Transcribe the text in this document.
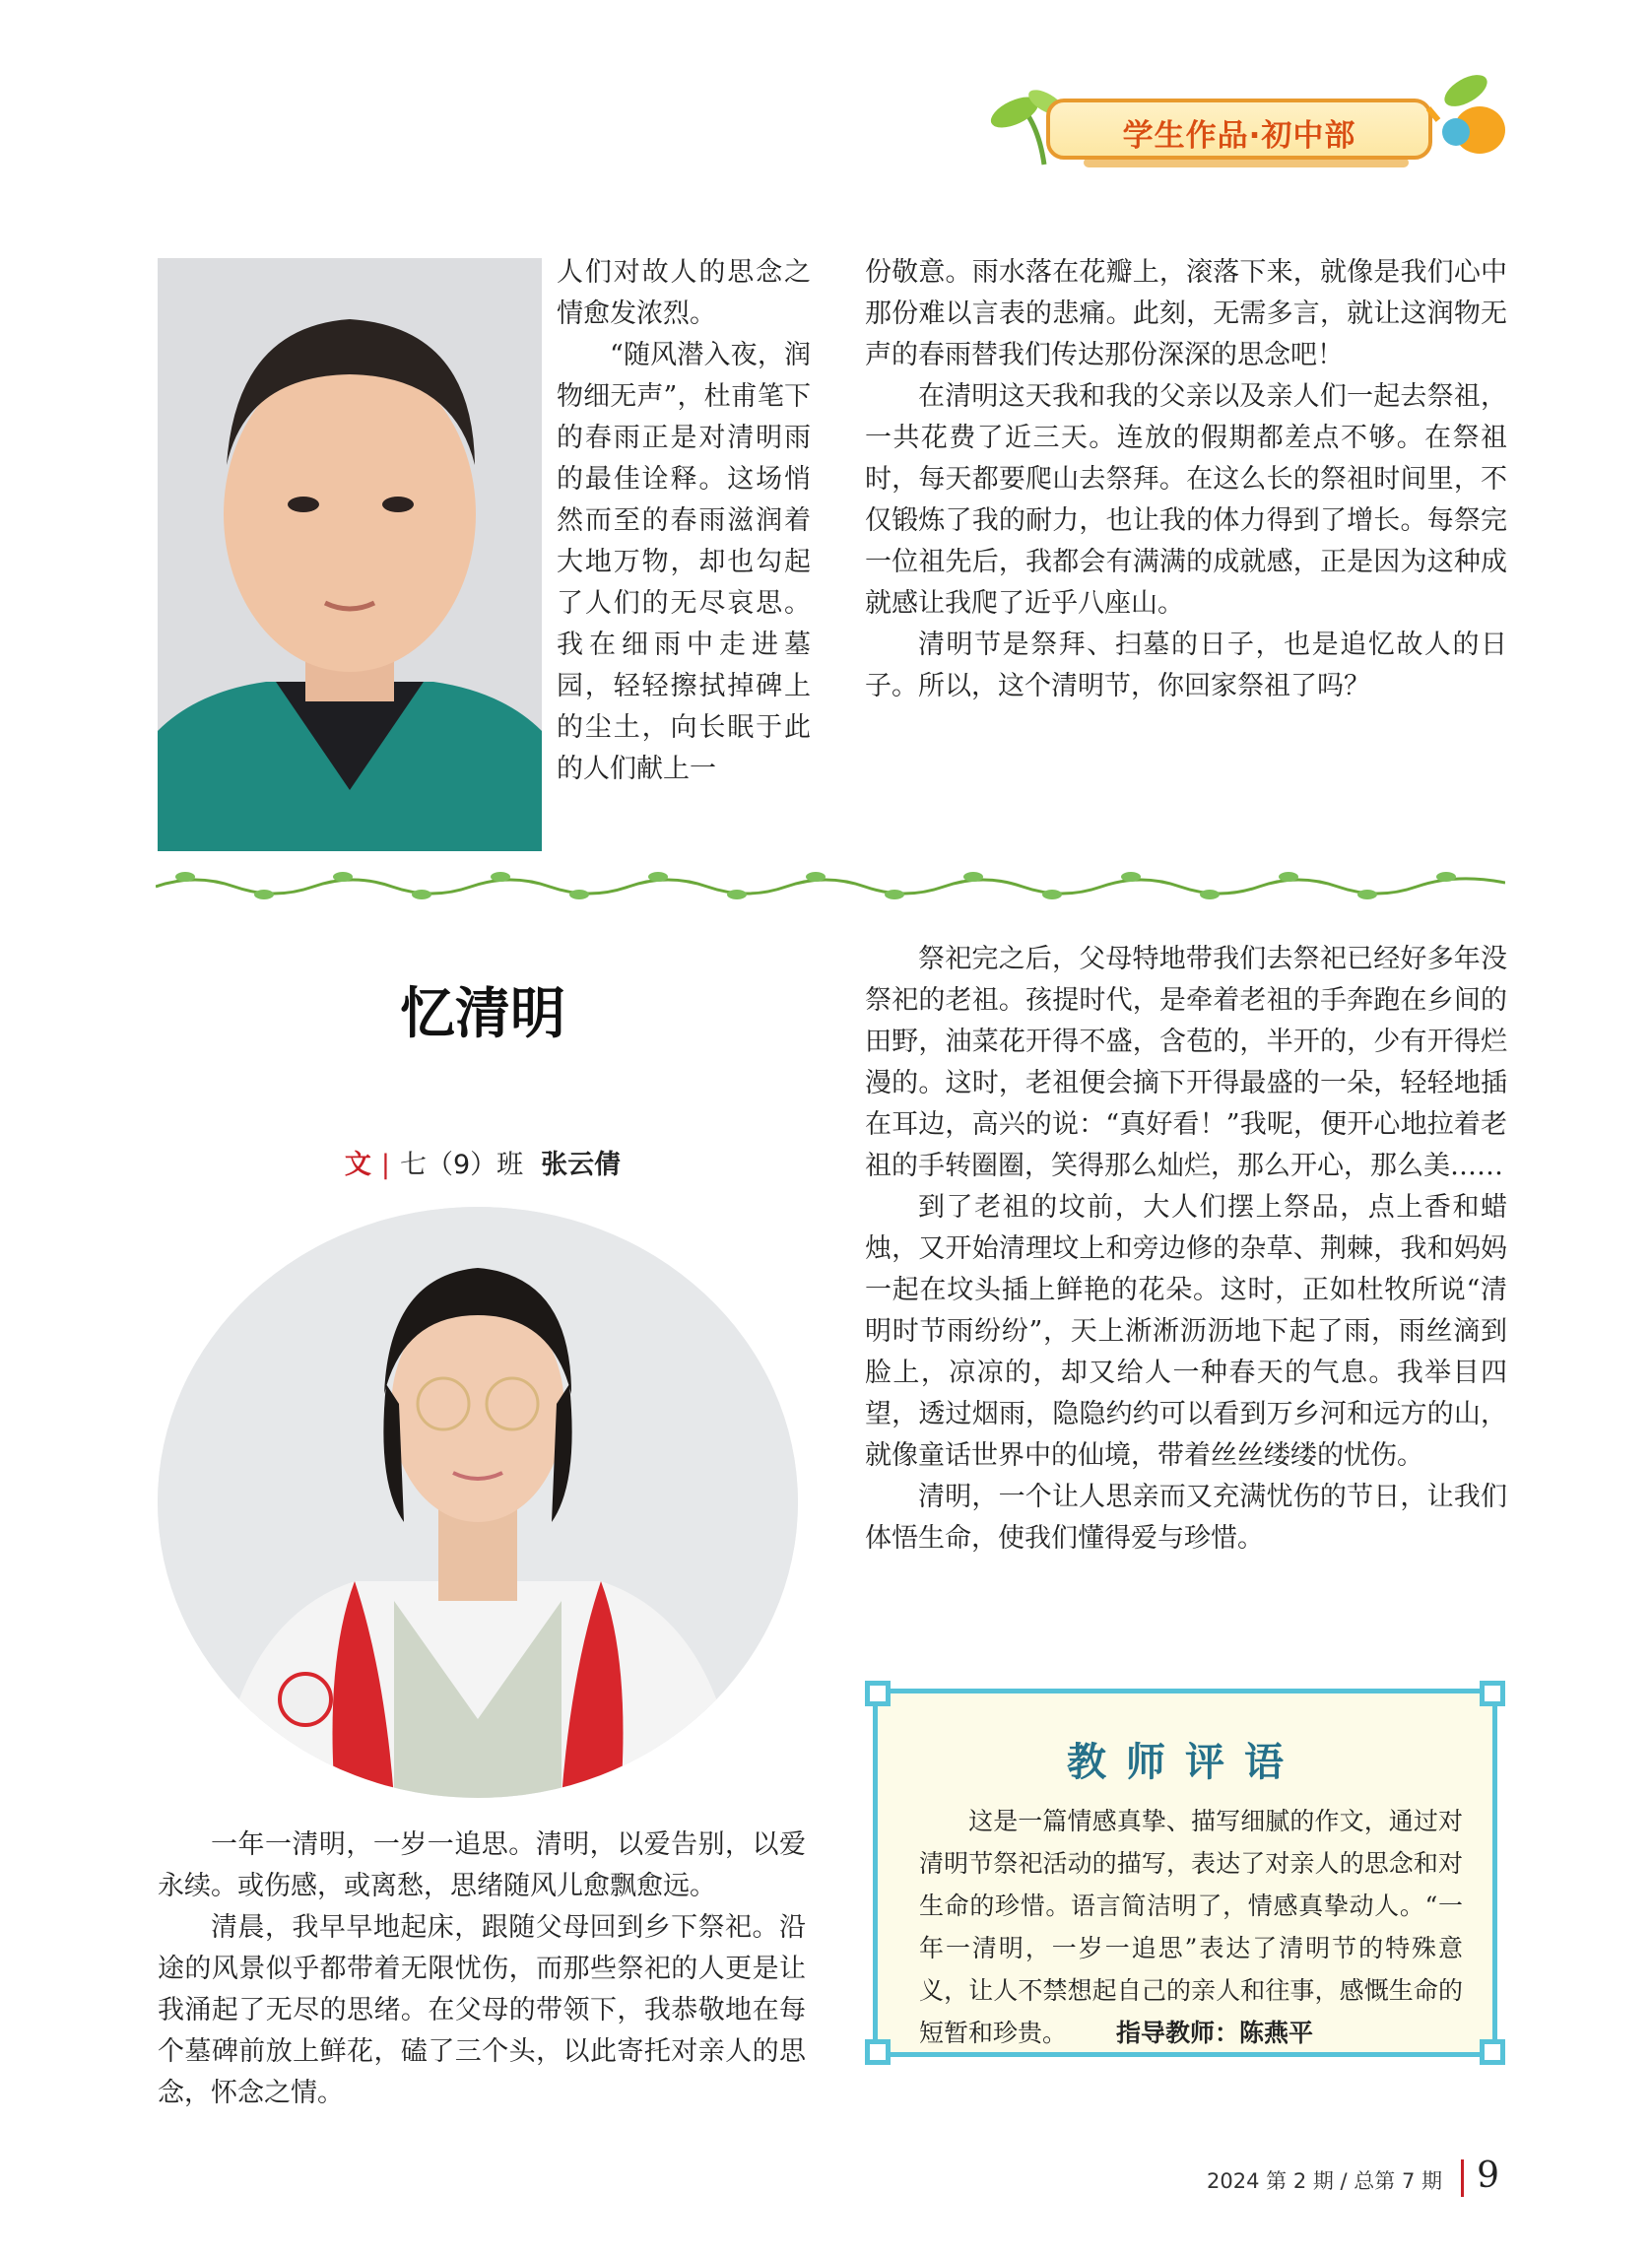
学生作品·初中部

人们对故人的思念之情愈发浓烈。

“随风潜入夜，润物细无声”，杜甫笔下的春雨正是对清明雨的最佳诠释。这场悄然而至的春雨滋润着大地万物，却也勾起了人们的无尽哀思。我在细雨中走进墓园，轻轻擦拭掉碑上的尘土，向长眠于此的人们献上一

份敬意。雨水落在花瓣上，滚落下来，就像是我们心中那份难以言表的悲痛。此刻，无需多言，就让这润物无声的春雨替我们传达那份深深的思念吧！

在清明这天我和我的父亲以及亲人们一起去祭祖，一共花费了近三天。连放的假期都差点不够。在祭祖时，每天都要爬山去祭拜。在这么长的祭祖时间里，不仅锻炼了我的耐力，也让我的体力得到了增长。每祭完一位祖先后，我都会有满满的成就感，正是因为这种成就感让我爬了近乎八座山。

清明节是祭拜、扫墓的日子，也是追忆故人的日子。所以，这个清明节，你回家祭祖了吗？

忆清明
文 | 七（9）班 张云倩

一年一清明，一岁一追思。清明，以爱告别，以爱永续。或伤感，或离愁，思绪随风儿愈飘愈远。

清晨，我早早地起床，跟随父母回到乡下祭祀。沿途的风景似乎都带着无限忧伤，而那些祭祀的人更是让我涌起了无尽的思绪。在父母的带领下，我恭敬地在每个墓碑前放上鲜花，磕了三个头，以此寄托对亲人的思念，怀念之情。

祭祀完之后，父母特地带我们去祭祀已经好多年没祭祀的老祖。孩提时代，是牵着老祖的手奔跑在乡间的田野，油菜花开得不盛，含苞的，半开的，少有开得烂漫的。这时，老祖便会摘下开得最盛的一朵，轻轻地插在耳边，高兴的说：“真好看！”我呢，便开心地拉着老祖的手转圈圈，笑得那么灿烂，那么开心，那么美……

到了老祖的坟前，大人们摆上祭品，点上香和蜡烛，又开始清理坟上和旁边修的杂草、荆棘，我和妈妈一起在坟头插上鲜艳的花朵。这时，正如杜牧所说“清明时节雨纷纷”，天上淅淅沥沥地下起了雨，雨丝滴到脸上，凉凉的，却又给人一种春天的气息。我举目四望，透过烟雨，隐隐约约可以看到万乡河和远方的山，就像童话世界中的仙境，带着丝丝缕缕的忧伤。

清明，一个让人思亲而又充满忧伤的节日，让我们体悟生命，使我们懂得爱与珍惜。

教师评语
这是一篇情感真挚、描写细腻的作文，通过对清明节祭祀活动的描写，表达了对亲人的思念和对生命的珍惜。语言简洁明了，情感真挚动人。“一年一清明，一岁一追思”表达了清明节的特殊意义，让人不禁想起自己的亲人和往事，感慨生命的短暂和珍贵。 指导教师：陈燕平
2024 第 2 期 / 总第 7 期 9
